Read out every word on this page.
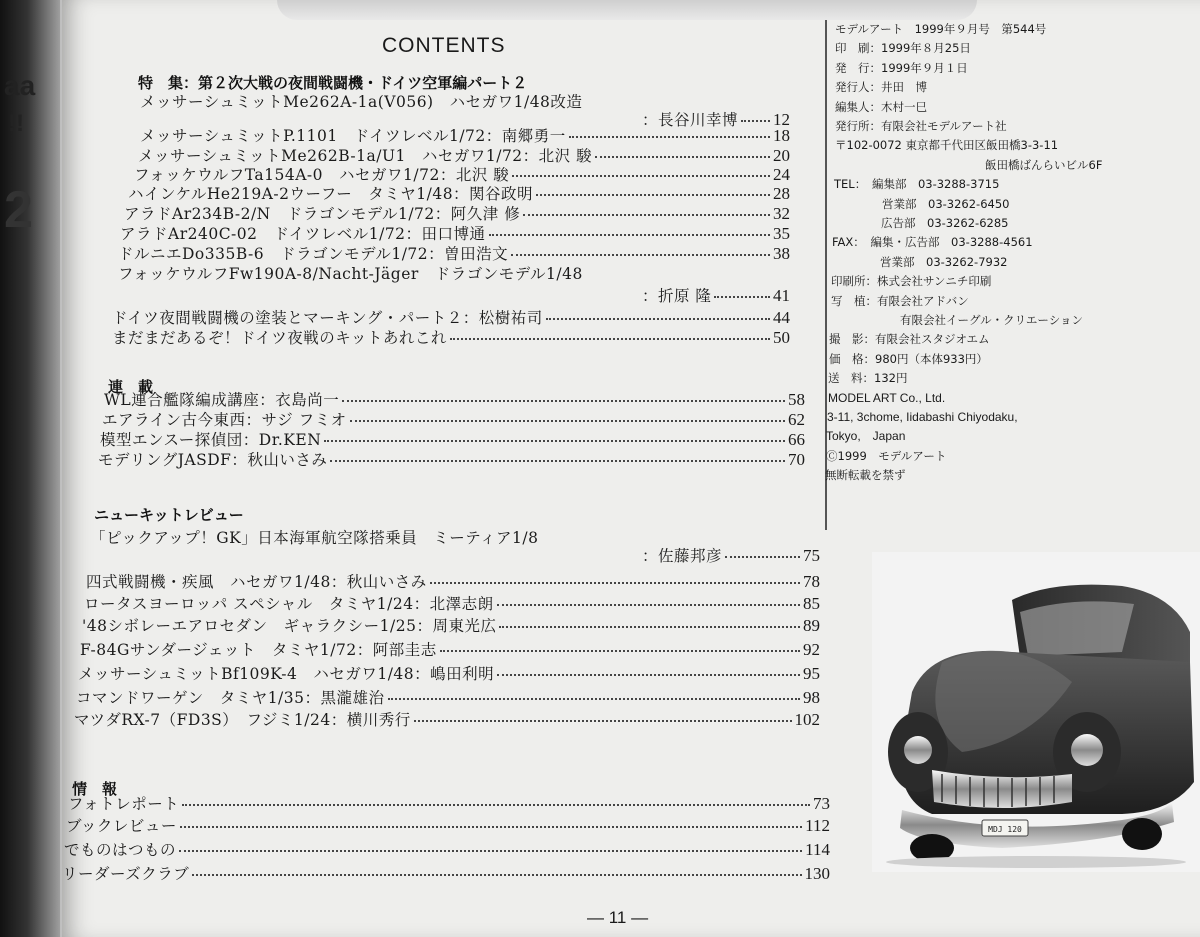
aa
!!
2
CONTENTS
特　集：第２次大戦の夜間戦闘機・ドイツ空軍編パート２
メッサーシュミットMe262A-1a(V056)　ハセガワ1/48改造
：長谷川幸博 12
メッサーシュミットP.1101　ドイツレベル1/72：南郷勇一	18
メッサーシュミットMe262B-1a/U1　ハセガワ1/72：北沢 駿	20
フォッケウルフTa154A-0　ハセガワ1/72：北沢 駿	24
ハインケルHe219A-2ウーフー　タミヤ1/48：関谷政明	28
アラドAr234B-2/N　ドラゴンモデル1/72：阿久津 修	32
アラドAr240C-02　ドイツレベル1/72：田口博通	35
ドルニエDo335B-6　ドラゴンモデル1/72：曽田浩文	38
フォッケウルフFw190A-8/Nacht-Jäger　ドラゴンモデル1/48
：折原 隆	41
ドイツ夜間戦闘機の塗装とマーキング・パート２：松樹祐司	44
まだまだあるぞ！ドイツ夜戦のキットあれこれ	50
連　載
WL連合艦隊編成講座：衣島尚一	58
エアライン古今東西：サジ フミオ	62
模型エンスー探偵団：Dr.KEN	66
モデリングJASDF：秋山いさみ	70
ニューキットレビュー
「ピックアップ！GK」日本海軍航空隊搭乗員　ミーティア1/8
：佐藤邦彦	75
四式戦闘機・疾風　ハセガワ1/48：秋山いさみ	78
ロータスヨーロッパ スペシャル　タミヤ1/24：北澤志朗	85
'48シボレーエアロセダン　ギャラクシー1/25：周東光広	89
F-84Gサンダージェット　タミヤ1/72：阿部圭志	92
メッサーシュミットBf109K-4　ハセガワ1/48：嶋田利明	95
コマンドワーゲン　タミヤ1/35：黒瀧雄治	98
マツダRX-7（FD3S）　フジミ1/24：横川秀行	102
情　報
フォトレポート	73
ブックレビュー	112
でものはつもの	114
リーダーズクラブ	130
モデルアート　1999年９月号　第544号
印　刷：1999年８月25日
発　行：1999年９月１日
発行人：井田　博
編集人：木村一巳
発行所：有限会社モデルアート社
〒102-0072 東京都千代田区飯田橋3-3-11
飯田橋ばんらいビル6F
TEL：　編集部　03-3288-3715
営業部　03-3262-6450
広告部　03-3262-6285
FAX：　編集・広告部　03-3288-4561
営業部　03-3262-7932
印刷所：株式会社サンニチ印刷
写　植：有限会社アドバン
有限会社イーグル・クリエーション
撮　影：有限会社スタジオエム
価　格：980円（本体933円）
送　料：132円
MODEL ART Co., Ltd.
3-11, 3chome, Iidabashi Chiyodaku,
Tokyo,　Japan
Ⓒ1999　モデルアート
無断転載を禁ず
MDJ 120
— 11 —
